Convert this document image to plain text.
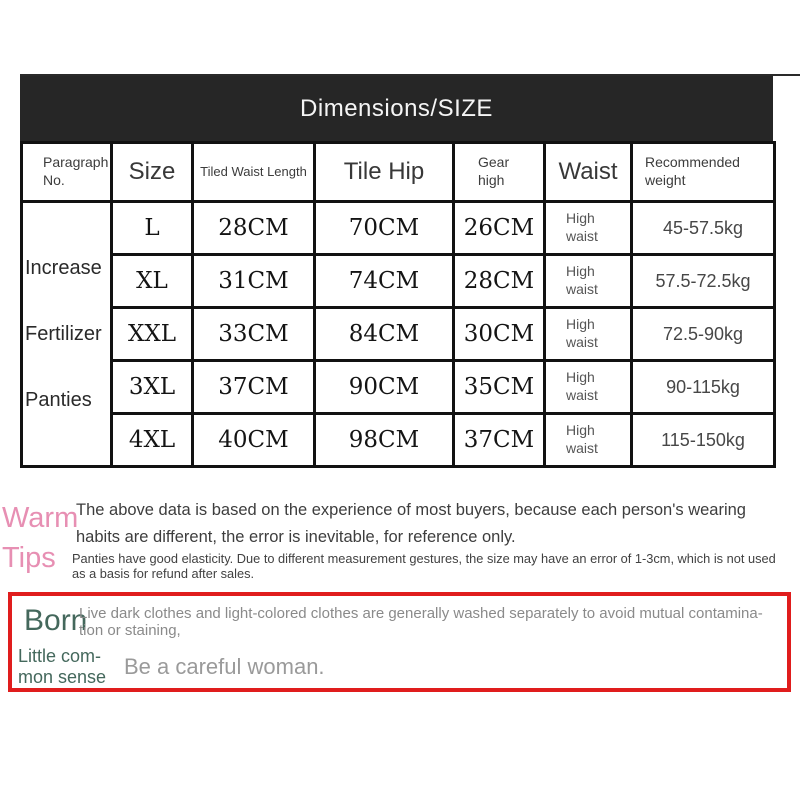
Dimensions/SIZE
Paragraph No.	Size	Tiled Waist Length	Tile Hip	Gear high	Waist	Recommended weight

Increase
Fertilizer
Panties	L	28CM	70CM	26CM	High waist	45-57.5kg
	XL	31CM	74CM	28CM	High waist	57.5-72.5kg
	XXL	33CM	84CM	30CM	High waist	72.5-90kg
	3XL	37CM	90CM	35CM	High waist	90-115kg
	4XL	40CM	98CM	37CM	High waist	115-150kg
Warm
Tips
The above data is based on the experience of most buyers, because each person's wearing habits are different, the error is inevitable, for reference only.
Panties have good elasticity. Due to different measurement gestures, the size may have an error of 1-3cm, which is not used as a basis for refund after sales.
Born
Live dark clothes and light-colored clothes are generally washed separately to avoid mutual contamina-
tion or staining,
Little com-
mon sense Be a careful woman.
